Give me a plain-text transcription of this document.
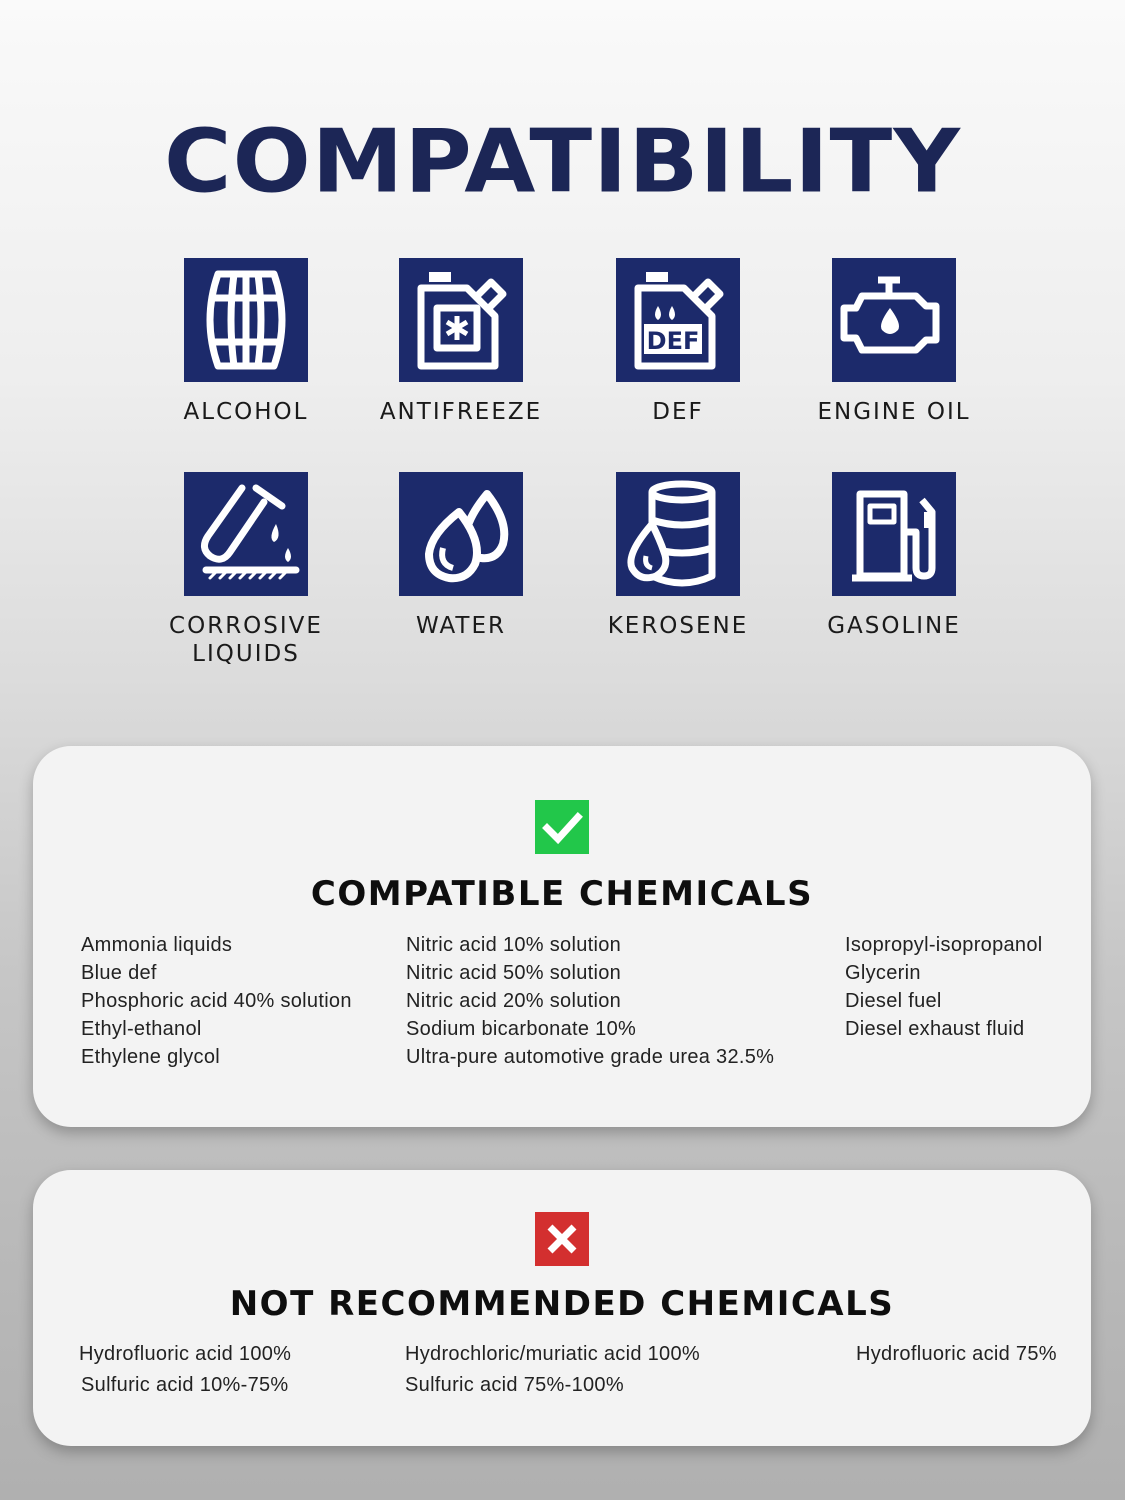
COMPATIBILITY
ALCOHOL	ANTIFREEZE
DEF
DEF	ENGINE OIL
CORROSIVE
LIQUIDS
WATER	KEROSENE	GASOLINE
COMPATIBLE CHEMICALS
Ammonia liquids
Blue def
Phosphoric acid 40% solution
Ethyl-ethanol
Ethylene glycol
Nitric acid 10% solution
Nitric acid 50% solution
Nitric acid 20% solution
Sodium bicarbonate 10%
Ultra-pure automotive grade urea 32.5%
Isopropyl-isopropanol
Glycerin
Diesel fuel
Diesel exhaust fluid
NOT RECOMMENDED CHEMICALS
Hydrofluoric acid 100%
Sulfuric acid 10%-75%
Hydrochloric/muriatic acid 100%
Sulfuric acid 75%-100%
Hydrofluoric acid 75%
